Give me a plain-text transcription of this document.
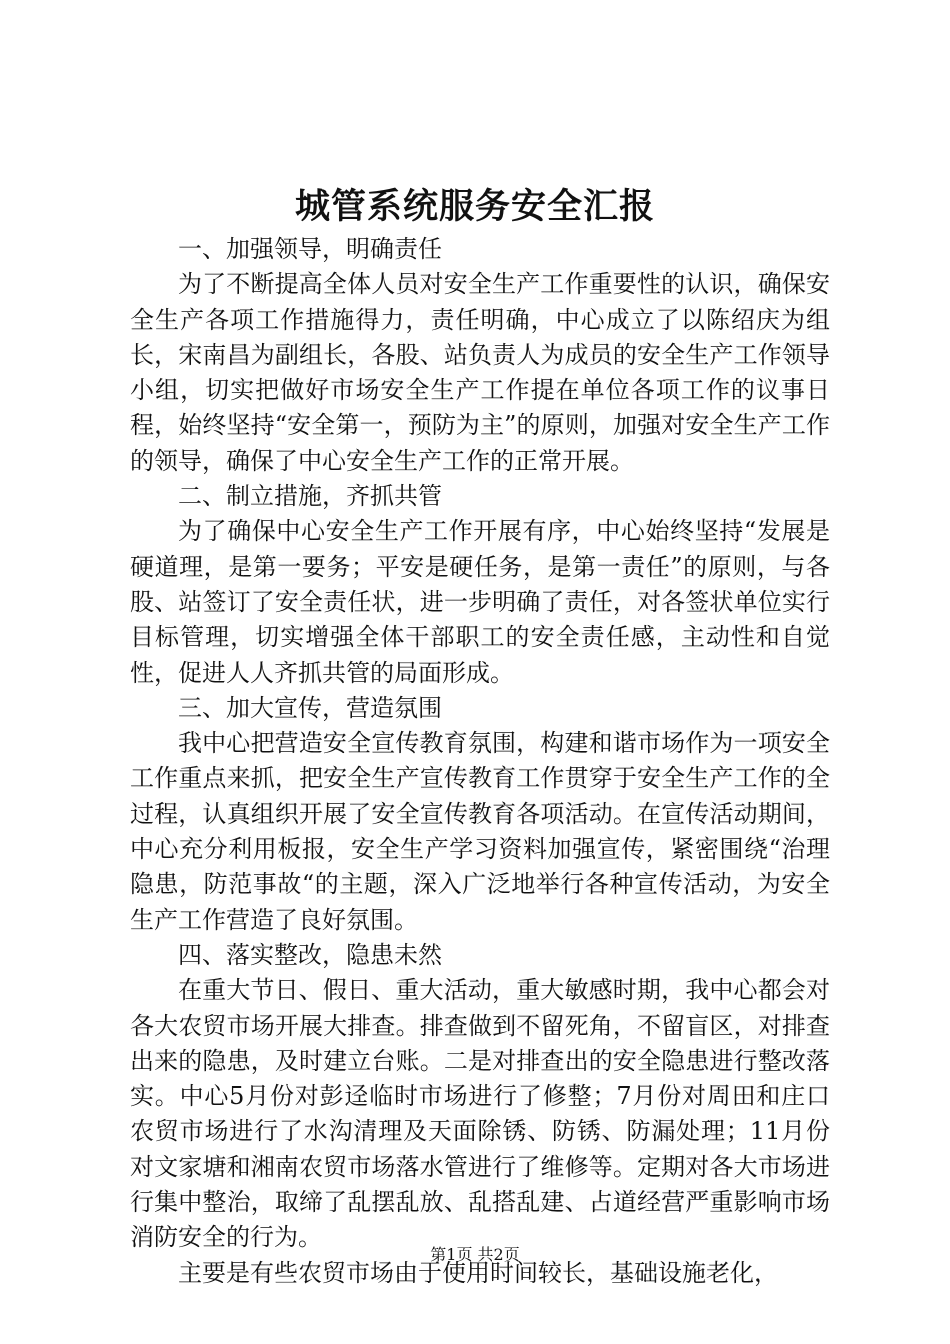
城管系统服务安全汇报

一、加强领导，明确责任

为了不断提高全体人员对安全生产工作重要性的认识，确保安全生产各项工作措施得力，责任明确，中心成立了以陈绍庆为组长，宋南昌为副组长，各股、站负责人为成员的安全生产工作领导小组，切实把做好市场安全生产工作提在单位各项工作的议事日程，始终坚持“安全第一，预防为主”的原则，加强对安全生产工作的领导，确保了中心安全生产工作的正常开展。

二、制立措施，齐抓共管

为了确保中心安全生产工作开展有序，中心始终坚持“发展是硬道理，是第一要务；平安是硬任务，是第一责任”的原则，与各股、站签订了安全责任状，进一步明确了责任，对各签状单位实行目标管理，切实增强全体干部职工的安全责任感，主动性和自觉性，促进人人齐抓共管的局面形成。

三、加大宣传，营造氛围

我中心把营造安全宣传教育氛围，构建和谐市场作为一项安全工作重点来抓，把安全生产宣传教育工作贯穿于安全生产工作的全过程，认真组织开展了安全宣传教育各项活动。在宣传活动期间，中心充分利用板报，安全生产学习资料加强宣传，紧密围绕“治理隐患，防范事故“的主题，深入广泛地举行各种宣传活动，为安全生产工作营造了良好氛围。

四、落实整改，隐患未然

在重大节日、假日、重大活动，重大敏感时期，我中心都会对各大农贸市场开展大排查。排查做到不留死角，不留盲区，对排查出来的隐患，及时建立台账。二是对排查出的安全隐患进行整改落实。中心5月份对彭迳临时市场进行了修整；7月份对周田和庄口农贸市场进行了水沟清理及天面除锈、防锈、防漏处理；11月份对文家塘和湘南农贸市场落水管进行了维修等。定期对各大市场进行集中整治，取缔了乱摆乱放、乱搭乱建、占道经营严重影响市场消防安全的行为。

主要是有些农贸市场由于使用时间较长，基础设施老化，

第1页 共2页
